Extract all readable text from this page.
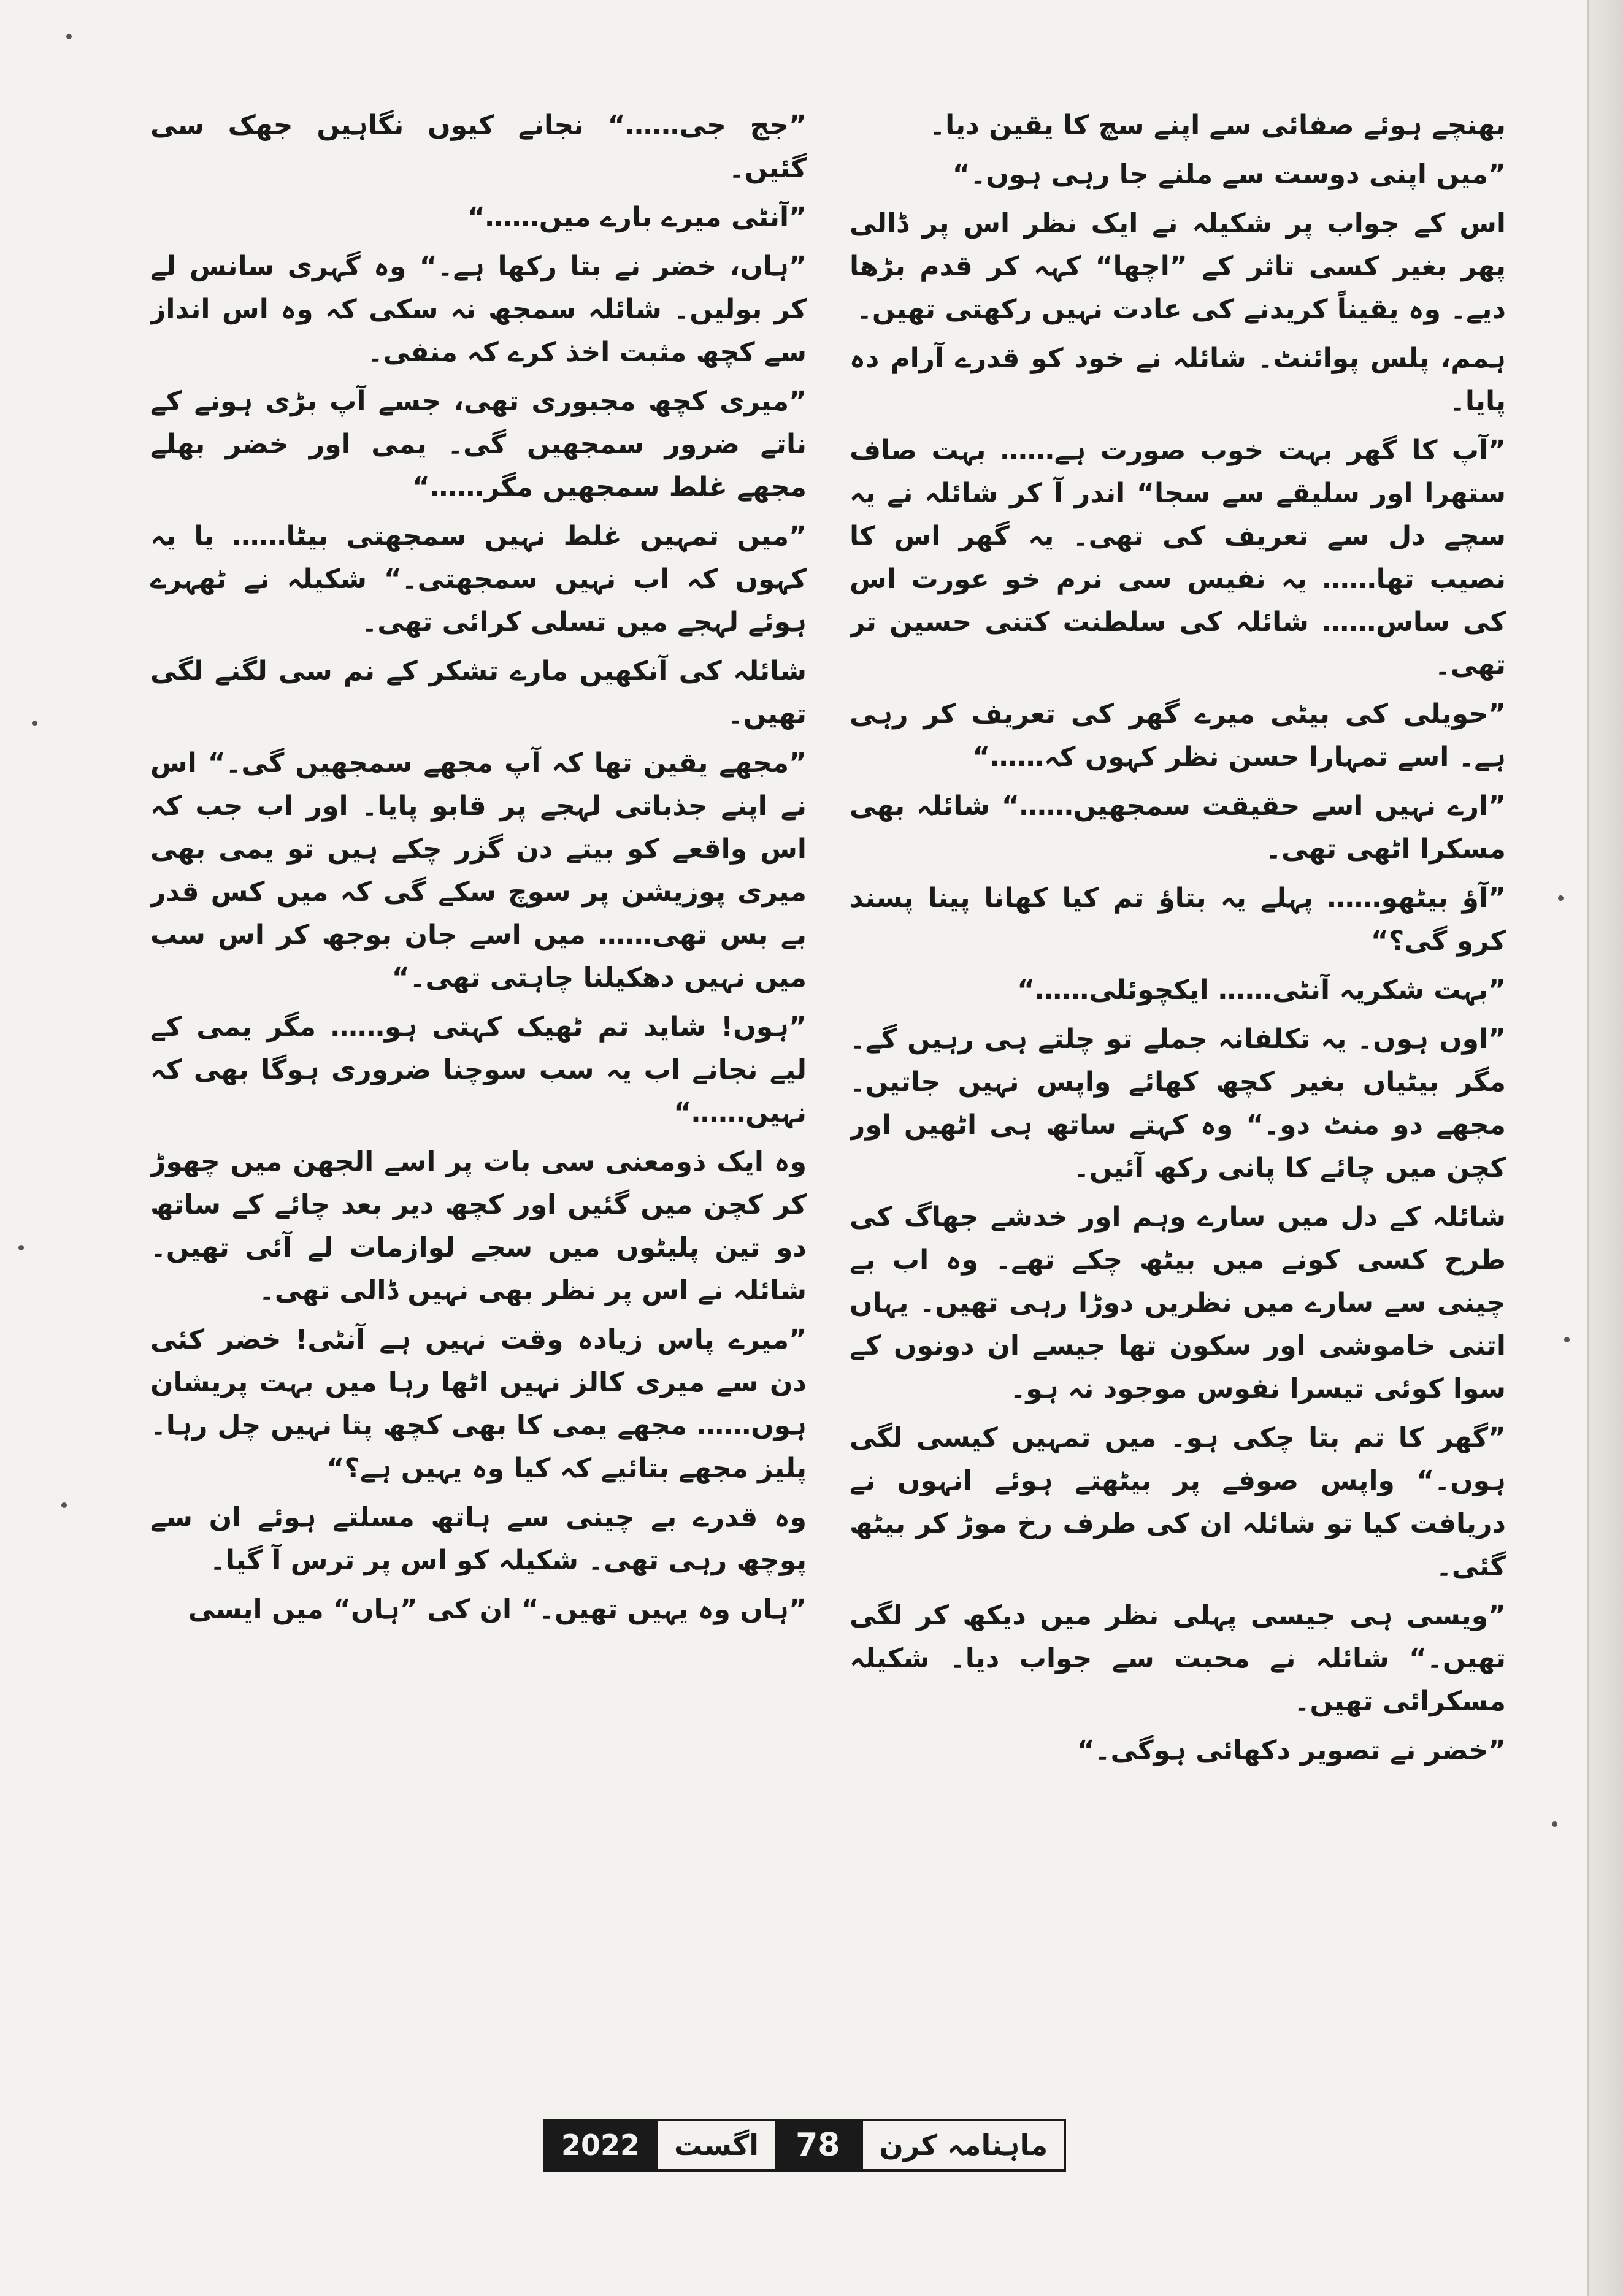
بھنچے ہوئے صفائی سے اپنے سچ کا یقین دیا۔

”میں اپنی دوست سے ملنے جا رہی ہوں۔“

اس کے جواب پر شکیلہ نے ایک نظر اس پر ڈالی پھر بغیر کسی تاثر کے ”اچھا“ کہہ کر قدم بڑھا دیے۔ وہ یقیناً کریدنے کی عادت نہیں رکھتی تھیں۔

ہمم، پلس پوائنٹ۔ شائلہ نے خود کو قدرے آرام دہ پایا۔

”آپ کا گھر بہت خوب صورت ہے…… بہت صاف ستھرا اور سلیقے سے سجا“ اندر آ کر شائلہ نے یہ سچے دل سے تعریف کی تھی۔ یہ گھر اس کا نصیب تھا…… یہ نفیس سی نرم خو عورت اس کی ساس…… شائلہ کی سلطنت کتنی حسین تر تھی۔

”حویلی کی بیٹی میرے گھر کی تعریف کر رہی ہے۔ اسے تمہارا حسن نظر کہوں کہ……“

”ارے نہیں اسے حقیقت سمجھیں……“ شائلہ بھی مسکرا اٹھی تھی۔

”آؤ بیٹھو…… پہلے یہ بتاؤ تم کیا کھانا پینا پسند کرو گی؟“

”بہت شکریہ آنٹی…… ایکچوئلی……“

”اوں ہوں۔ یہ تکلفانہ جملے تو چلتے ہی رہیں گے۔ مگر بیٹیاں بغیر کچھ کھائے واپس نہیں جاتیں۔ مجھے دو منٹ دو۔“ وہ کہتے ساتھ ہی اٹھیں اور کچن میں چائے کا پانی رکھ آئیں۔

شائلہ کے دل میں سارے وہم اور خدشے جھاگ کی طرح کسی کونے میں بیٹھ چکے تھے۔ وہ اب بے چینی سے سارے میں نظریں دوڑا رہی تھیں۔ یہاں اتنی خاموشی اور سکون تھا جیسے ان دونوں کے سوا کوئی تیسرا نفوس موجود نہ ہو۔

”گھر کا تم بتا چکی ہو۔ میں تمہیں کیسی لگی ہوں۔“ واپس صوفے پر بیٹھتے ہوئے انہوں نے دریافت کیا تو شائلہ ان کی طرف رخ موڑ کر بیٹھ گئی۔

”ویسی ہی جیسی پہلی نظر میں دیکھ کر لگی تھیں۔“ شائلہ نے محبت سے جواب دیا۔ شکیلہ مسکرائی تھیں۔

”خضر نے تصویر دکھائی ہوگی۔“

”جج جی……“ نجانے کیوں نگاہیں جھک سی گئیں۔

”آنٹی میرے بارے میں……“

”ہاں، خضر نے بتا رکھا ہے۔“ وہ گہری سانس لے کر بولیں۔ شائلہ سمجھ نہ سکی کہ وہ اس انداز سے کچھ مثبت اخذ کرے کہ منفی۔

”میری کچھ مجبوری تھی، جسے آپ بڑی ہونے کے ناتے ضرور سمجھیں گی۔ یمی اور خضر بھلے مجھے غلط سمجھیں مگر……“

”میں تمہیں غلط نہیں سمجھتی بیٹا…… یا یہ کہوں کہ اب نہیں سمجھتی۔“ شکیلہ نے ٹھہرے ہوئے لہجے میں تسلی کرائی تھی۔

شائلہ کی آنکھیں مارے تشکر کے نم سی لگنے لگی تھیں۔

”مجھے یقین تھا کہ آپ مجھے سمجھیں گی۔“ اس نے اپنے جذباتی لہجے پر قابو پایا۔ اور اب جب کہ اس واقعے کو بیتے دن گزر چکے ہیں تو یمی بھی میری پوزیشن پر سوچ سکے گی کہ میں کس قدر بے بس تھی…… میں اسے جان بوجھ کر اس سب میں نہیں دھکیلنا چاہتی تھی۔“

”ہوں! شاید تم ٹھیک کہتی ہو…… مگر یمی کے لیے نجانے اب یہ سب سوچنا ضروری ہوگا بھی کہ نہیں……“

وہ ایک ذومعنی سی بات پر اسے الجھن میں چھوڑ کر کچن میں گئیں اور کچھ دیر بعد چائے کے ساتھ دو تین پلیٹوں میں سجے لوازمات لے آئی تھیں۔ شائلہ نے اس پر نظر بھی نہیں ڈالی تھی۔

”میرے پاس زیادہ وقت نہیں ہے آنٹی! خضر کئی دن سے میری کالز نہیں اٹھا رہا میں بہت پریشان ہوں…… مجھے یمی کا بھی کچھ پتا نہیں چل رہا۔ پلیز مجھے بتائیے کہ کیا وہ یہیں ہے؟“

وہ قدرے بے چینی سے ہاتھ مسلتے ہوئے ان سے پوچھ رہی تھی۔ شکیلہ کو اس پر ترس آ گیا۔

”ہاں وہ یہیں تھیں۔“ ان کی ”ہاں“ میں ایسی

2022	اگست	78	ماہنامہ کرن
